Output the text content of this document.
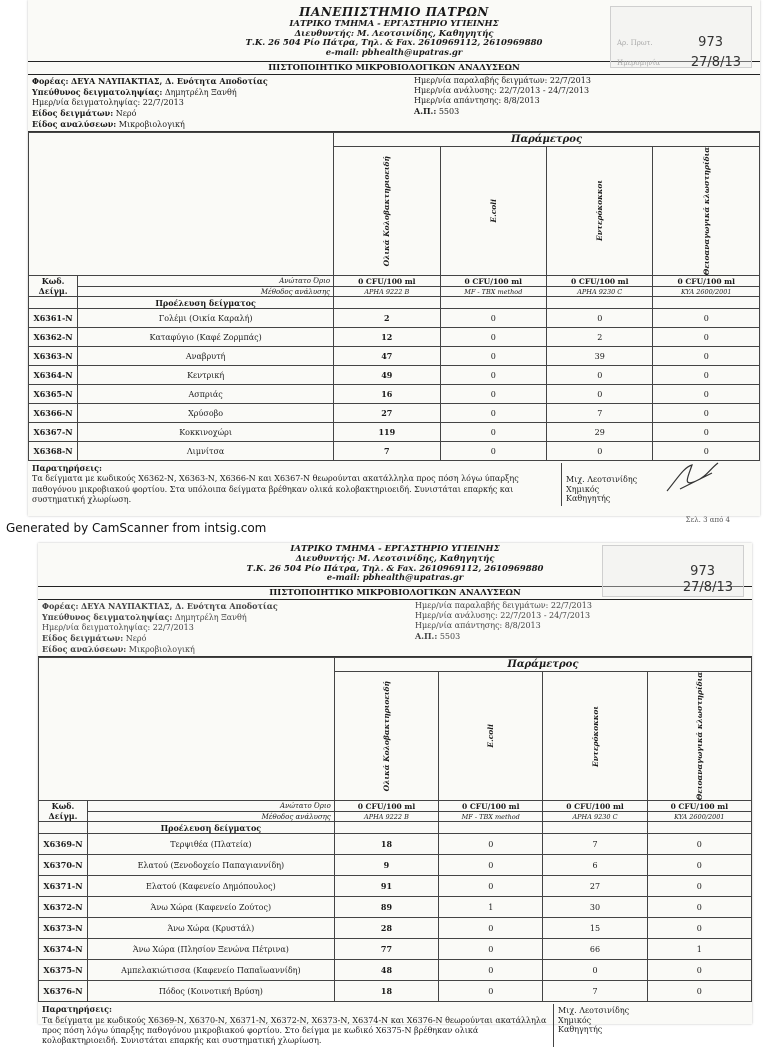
Αρ. Πρωτ.
Ημερομηνία
973
27/8/13
ΠΑΝΕΠΙΣΤΗΜΙΟ ΠΑΤΡΩΝ
ΙΑΤΡΙΚΟ ΤΜΗΜΑ - ΕΡΓΑΣΤΗΡΙΟ ΥΓΙΕΙΝΗΣ
Διευθυντής: Μ. Λεοτσινίδης, Καθηγητής
Τ.Κ. 26 504 Ρίο Πάτρα, Τηλ. & Fax. 2610969112, 2610969880
e-mail: pbhealth@upatras.gr
ΠΙΣΤΟΠΟΙΗΤΙΚΟ ΜΙΚΡΟΒΙΟΛΟΓΙΚΩΝ ΑΝΑΛΥΣΕΩΝ
Φορέας: ΔΕΥΑ ΝΑΥΠΑΚΤΙΑΣ, Δ. Ενότητα Αποδοτίας
Υπεύθυνος δειγματοληψίας: Δημητρέλη Ξανθή
Ημερ/νία δειγματοληψίας: 22/7/2013
Είδος δειγμάτων: Νερό
Είδος αναλύσεων: Μικροβιολογική
Ημερ/νία παραλαβής δειγμάτων: 22/7/2013
Ημερ/νία ανάλυσης: 22/7/2013 - 24/7/2013
Ημερ/νία απάντησης: 8/8/2013
Α.Π.: 5503
		Παράμετρος			

		Ολικά Κολοβακτηριοειδή	E.coli	Εντερόκοκκοι	Θειοαναγωγικά κλωστηρίδια

Κωδ. Δείγμ.	Ανώτατο Όριο	0 CFU/100 ml	0 CFU/100 ml	0 CFU/100 ml	0 CFU/100 ml
	Μέθοδος ανάλυσης	APHA 9222 B	MF - TBX method	APHA 9230 C	KYA 2600/2001
	Προέλευση δείγματος				
Χ6361-Ν	Γολέμι (Οικία Καραλή)	2	0	0	0
Χ6362-Ν	Καταφύγιο (Καφέ Ζορμπάς)	12	0	2	0
Χ6363-Ν	Αναβρυτή	47	0	39	0
Χ6364-Ν	Κεντρική	49	0	0	0
Χ6365-Ν	Ασπριάς	16	0	0	0
Χ6366-Ν	Χρύσοβο	27	0	7	0
Χ6367-Ν	Κοκκινοχώρι	119	0	29	0
Χ6368-Ν	Λιμνίτσα	7	0	0	0
Παρατηρήσεις:
Τα δείγματα με κωδικούς Χ6362-Ν, Χ6363-Ν, Χ6366-Ν και Χ6367-Ν θεωρούνται ακατάλληλα προς πόση λόγω ύπαρξης παθογόνου μικροβιακού φορτίου. Στα υπόλοιπα δείγματα βρέθηκαν ολικά κολοβακτηριοειδή. Συνιστάται επαρκής και συστηματική χλωρίωση.
Μιχ. Λεοτσινίδης
Χημικός
Καθηγητής
Σελ. 3 από 4
Generated by CamScanner from intsig.com
973
27/8/13
ΙΑΤΡΙΚΟ ΤΜΗΜΑ - ΕΡΓΑΣΤΗΡΙΟ ΥΓΙΕΙΝΗΣ
Διευθυντής: Μ. Λεοτσινίδης, Καθηγητής
Τ.Κ. 26 504 Ρίο Πάτρα, Τηλ. & Fax. 2610969112, 2610969880
e-mail: pbhealth@upatras.gr
ΠΙΣΤΟΠΟΙΗΤΙΚΟ ΜΙΚΡΟΒΙΟΛΟΓΙΚΩΝ ΑΝΑΛΥΣΕΩΝ
Φορέας: ΔΕΥΑ ΝΑΥΠΑΚΤΙΑΣ, Δ. Ενότητα Αποδοτίας
Υπεύθυνος δειγματοληψίας: Δημητρέλη Ξανθή
Ημερ/νία δειγματοληψίας: 22/7/2013
Είδος δειγμάτων: Νερό
Είδος αναλύσεων: Μικροβιολογική
Ημερ/νία παραλαβής δειγμάτων: 22/7/2013
Ημερ/νία ανάλυσης: 22/7/2013 - 24/7/2013
Ημερ/νία απάντησης: 8/8/2013
Α.Π.: 5503
		Παράμετρος			

		Ολικά Κολοβακτηριοειδή	E.coli	Εντερόκοκκοι	Θειοαναγωγικά κλωστηρίδια

Κωδ. Δείγμ.	Ανώτατο Όριο	0 CFU/100 ml	0 CFU/100 ml	0 CFU/100 ml	0 CFU/100 ml
	Μέθοδος ανάλυσης	APHA 9222 B	MF - TBX method	APHA 9230 C	KYA 2600/2001
	Προέλευση δείγματος				
Χ6369-Ν	Τερψιθέα (Πλατεία)	18	0	7	0
Χ6370-Ν	Ελατού (Ξενοδοχείο Παπαγιαννίδη)	9	0	6	0
Χ6371-Ν	Ελατού (Καφενείο Δημόπουλος)	91	0	27	0
Χ6372-Ν	Άνω Χώρα (Καφενείο Ζούτος)	89	1	30	0
Χ6373-Ν	Άνω Χώρα (Κρυστάλ)	28	0	15	0
Χ6374-Ν	Άνω Χώρα (Πλησίον Ξενώνα Πέτρινα)	77	0	66	1
Χ6375-Ν	Αμπελακιώτισσα (Καφενείο Παπαϊωαννίδη)	48	0	0	0
Χ6376-Ν	Πόδος (Κοινοτική Βρύση)	18	0	7	0
Παρατηρήσεις:
Τα δείγματα με κωδικούς Χ6369-Ν, Χ6370-Ν, Χ6371-Ν, Χ6372-Ν, Χ6373-Ν, Χ6374-Ν και Χ6376-Ν θεωρούνται ακατάλληλα προς πόση λόγω ύπαρξης παθογόνου μικροβιακού φορτίου. Στο δείγμα με κωδικό Χ6375-Ν βρέθηκαν ολικά κολοβακτηριοειδή. Συνιστάται επαρκής και συστηματική χλωρίωση.
Μιχ. Λεοτσινίδης
Χημικός
Καθηγητής
